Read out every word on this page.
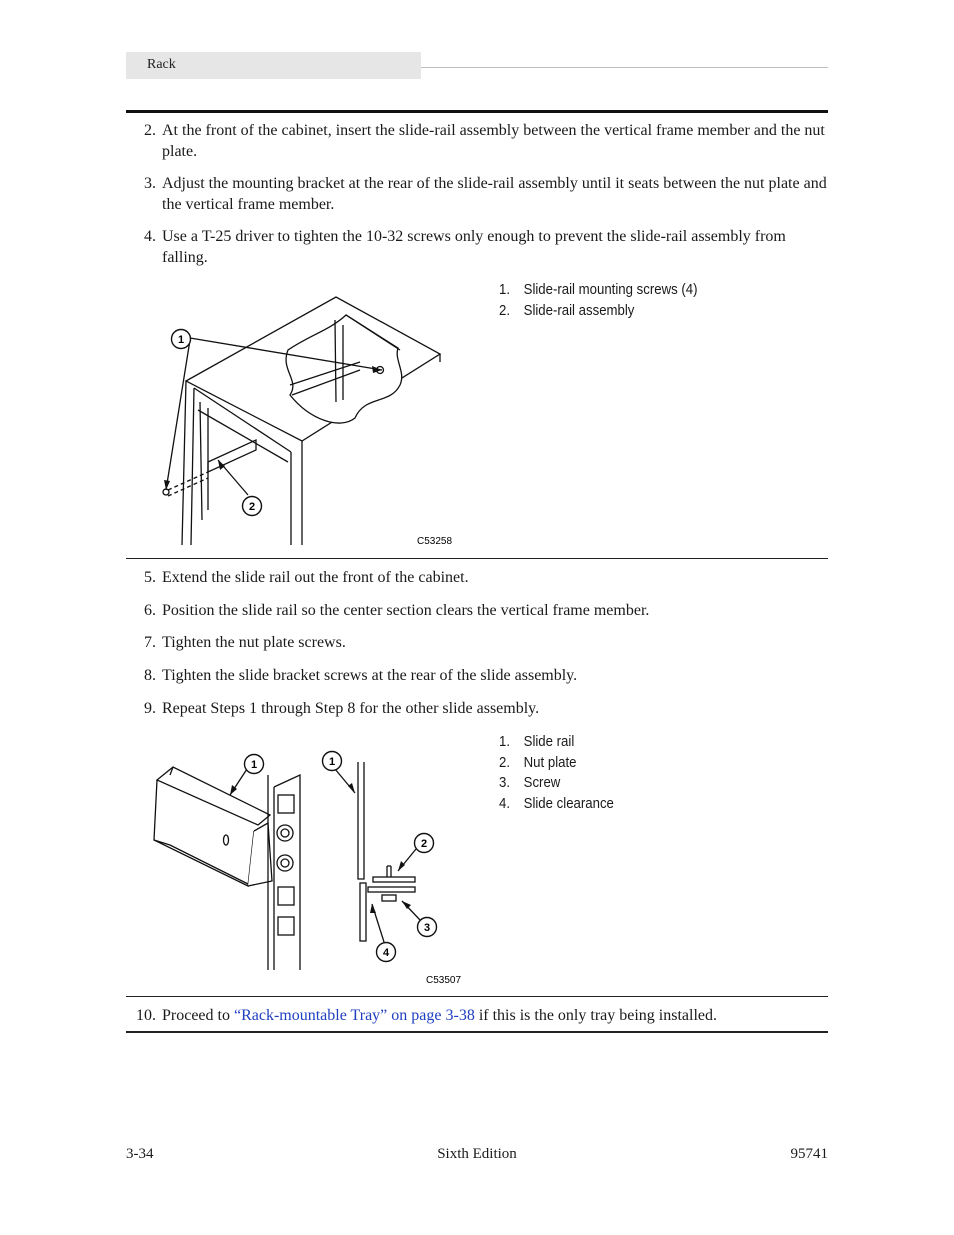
Rack
2. At the front of the cabinet, insert the slide-rail assembly between the vertical frame member and the nut plate.
3. Adjust the mounting bracket at the rear of the slide-rail assembly until it seats between the nut plate and the vertical frame member.
4. Use a T-25 driver to tighten the 10-32 screws only enough to prevent the slide-rail assembly from falling.
1
2
C53258
1. Slide-rail mounting screws (4)
2. Slide-rail assembly
5. Extend the slide rail out the front of the cabinet.
6. Position the slide rail so the center section clears the vertical frame member.
7. Tighten the nut plate screws.
8. Tighten the slide bracket screws at the rear of the slide assembly.
9. Repeat Steps 1 through Step 8 for the other slide assembly.
1	1
2
3
4
C53507
1. Slide rail
2. Nut plate
3. Screw
4. Slide clearance
10. Proceed to “Rack-mountable Tray” on page 3-38 if this is the only tray being installed.
3-34	Sixth Edition	95741
